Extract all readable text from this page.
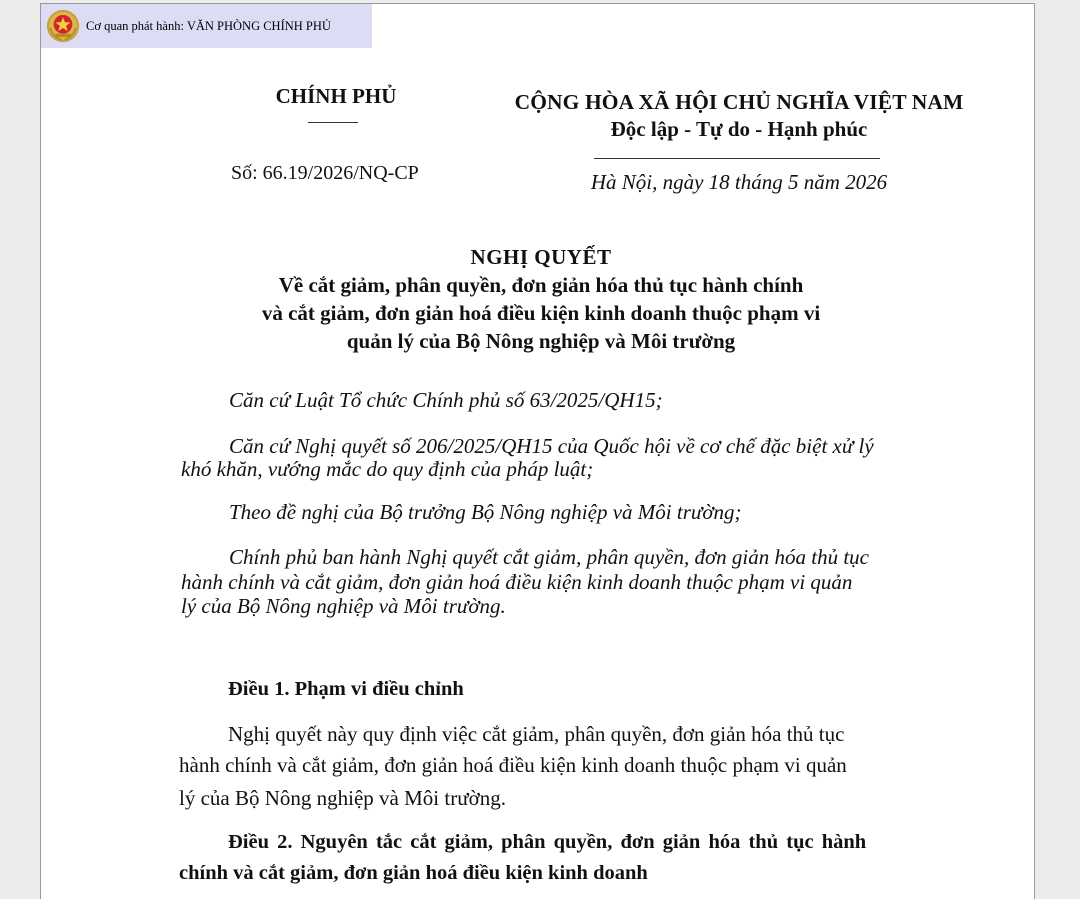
Cơ quan phát hành: VĂN PHÒNG CHÍNH PHỦ
CHÍNH PHỦ
Số: 66.19/2026/NQ-CP
CỘNG HÒA XÃ HỘI CHỦ NGHĨA VIỆT NAM
Độc lập - Tự do - Hạnh phúc
Hà Nội, ngày 18 tháng 5 năm 2026
NGHỊ QUYẾT
Về cắt giảm, phân quyền, đơn giản hóa thủ tục hành chính
và cắt giảm, đơn giản hoá điều kiện kinh doanh thuộc phạm vi
quản lý của Bộ Nông nghiệp và Môi trường
Căn cứ Luật Tổ chức Chính phủ số 63/2025/QH15;
Căn cứ Nghị quyết số 206/2025/QH15 của Quốc hội về cơ chế đặc biệt xử lý
khó khăn, vướng mắc do quy định của pháp luật;
Theo đề nghị của Bộ trưởng Bộ Nông nghiệp và Môi trường;
Chính phủ ban hành Nghị quyết cắt giảm, phân quyền, đơn giản hóa thủ tục
hành chính và cắt giảm, đơn giản hoá điều kiện kinh doanh thuộc phạm vi quản
lý của Bộ Nông nghiệp và Môi trường.
Điều 1. Phạm vi điều chỉnh
Nghị quyết này quy định việc cắt giảm, phân quyền, đơn giản hóa thủ tục
hành chính và cắt giảm, đơn giản hoá điều kiện kinh doanh thuộc phạm vi quản
lý của Bộ Nông nghiệp và Môi trường.
Điều 2. Nguyên tắc cắt giảm, phân quyền, đơn giản hóa thủ tục hành
chính và cắt giảm, đơn giản hoá điều kiện kinh doanh
